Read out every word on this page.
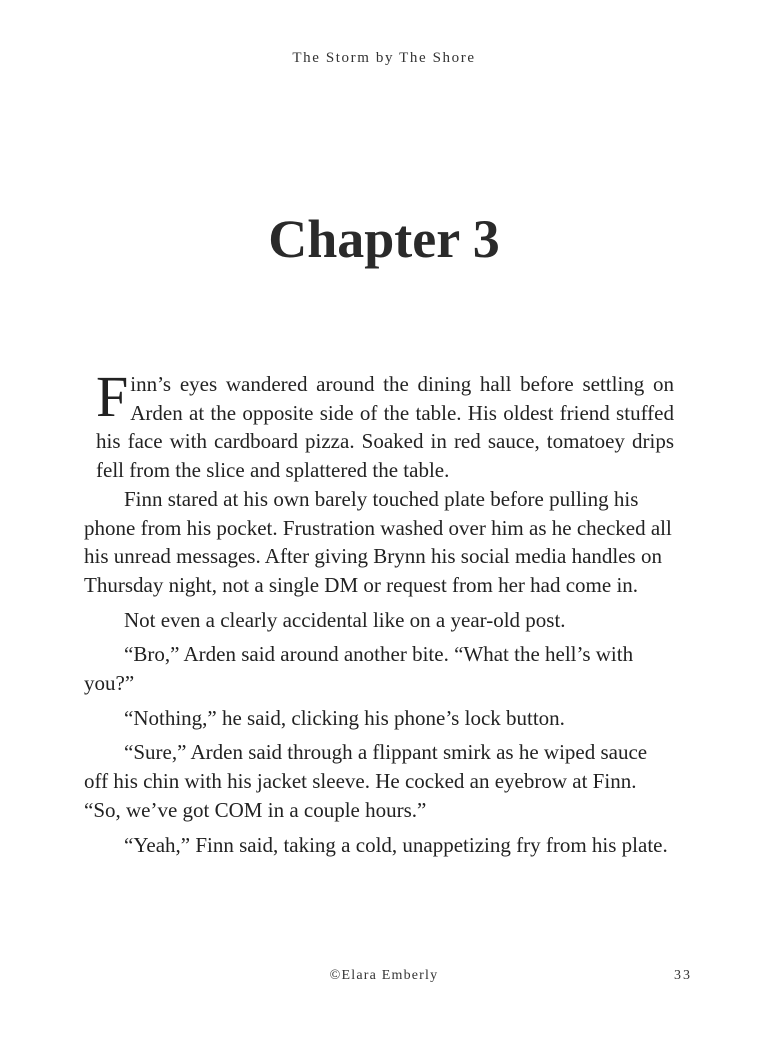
The Storm by The Shore
Chapter 3

Finn’s eyes wandered around the dining hall before settling on Arden at the opposite side of the table. His oldest friend stuffed his face with cardboard pizza. Soaked in red sauce, tomatoey drips fell from the slice and splattered the table.

Finn stared at his own barely touched plate before pulling his phone from his pocket. Frustration washed over him as he checked all his unread messages. After giving Brynn his social media handles on Thursday night, not a single DM or request from her had come in.

Not even a clearly accidental like on a year-old post.

“Bro,” Arden said around another bite. “What the hell’s with you?”

“Nothing,” he said, clicking his phone’s lock button.

“Sure,” Arden said through a flippant smirk as he wiped sauce off his chin with his jacket sleeve. He cocked an eyebrow at Finn. “So, we’ve got COM in a couple hours.”

“Yeah,” Finn said, taking a cold, unappetizing fry from his plate.

©Elara Emberly	33
